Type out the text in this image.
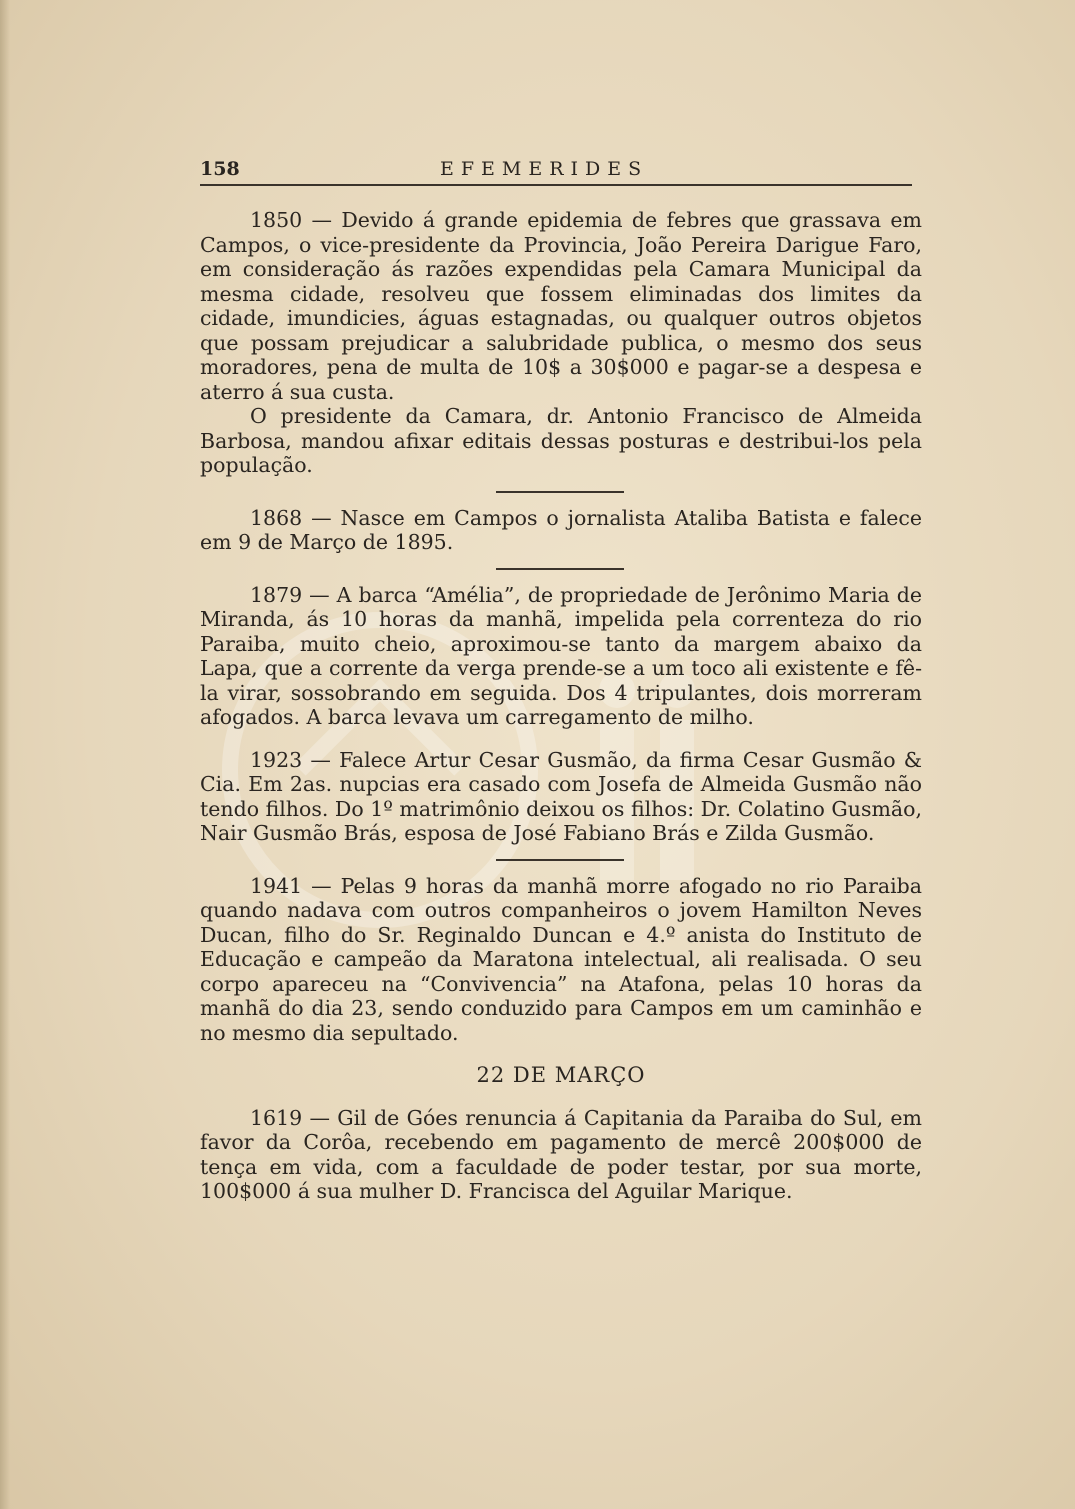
158	EFEMERIDES

1850 — Devido á grande epidemia de febres que grassava em Campos, o vice-presidente da Provincia, João Pereira Darigue Faro, em consideração ás razões expendidas pela Camara Municipal da mesma cidade, resolveu que fossem eliminadas dos limites da cidade, imundicies, águas estagnadas, ou qualquer outros objetos que possam prejudicar a salubridade publica, o mesmo dos seus moradores, pena de multa de 10$ a 30$000 e pagar-se a despesa e aterro á sua custa.

O presidente da Camara, dr. Antonio Francisco de Almeida Barbosa, mandou afixar editais dessas posturas e destribui-los pela população.

1868 — Nasce em Campos o jornalista Ataliba Batista e falece em 9 de Março de 1895.

1879 — A barca “Amélia”, de propriedade de Jerônimo Maria de Miranda, ás 10 horas da manhã, impelida pela correnteza do rio Paraiba, muito cheio, aproximou-se tanto da margem abaixo da Lapa, que a corrente da verga prende-se a um toco ali existente e fê-la virar, sossobrando em seguida. Dos 4 tripulantes, dois morreram afogados. A barca levava um carregamento de milho.

1923 — Falece Artur Cesar Gusmão, da firma Cesar Gusmão & Cia. Em 2as. nupcias era casado com Josefa de Almeida Gusmão não tendo filhos. Do 1º matrimônio deixou os filhos: Dr. Colatino Gusmão, Nair Gusmão Brás, esposa de José Fabiano Brás e Zilda Gusmão.

1941 — Pelas 9 horas da manhã morre afogado no rio Paraiba quando nadava com outros companheiros o jovem Hamilton Neves Ducan, filho do Sr. Reginaldo Duncan e 4.º anista do Instituto de Educação e campeão da Maratona intelectual, ali realisada. O seu corpo apareceu na “Convivencia” na Atafona, pelas 10 horas da manhã do dia 23, sendo conduzido para Campos em um caminhão e no mesmo dia sepultado.

22 DE MARÇO

1619 — Gil de Góes renuncia á Capitania da Paraiba do Sul, em favor da Corôa, recebendo em pagamento de mercê 200$000 de tença em vida, com a faculdade de poder testar, por sua morte, 100$000 á sua mulher D. Francisca del Aguilar Marique.
